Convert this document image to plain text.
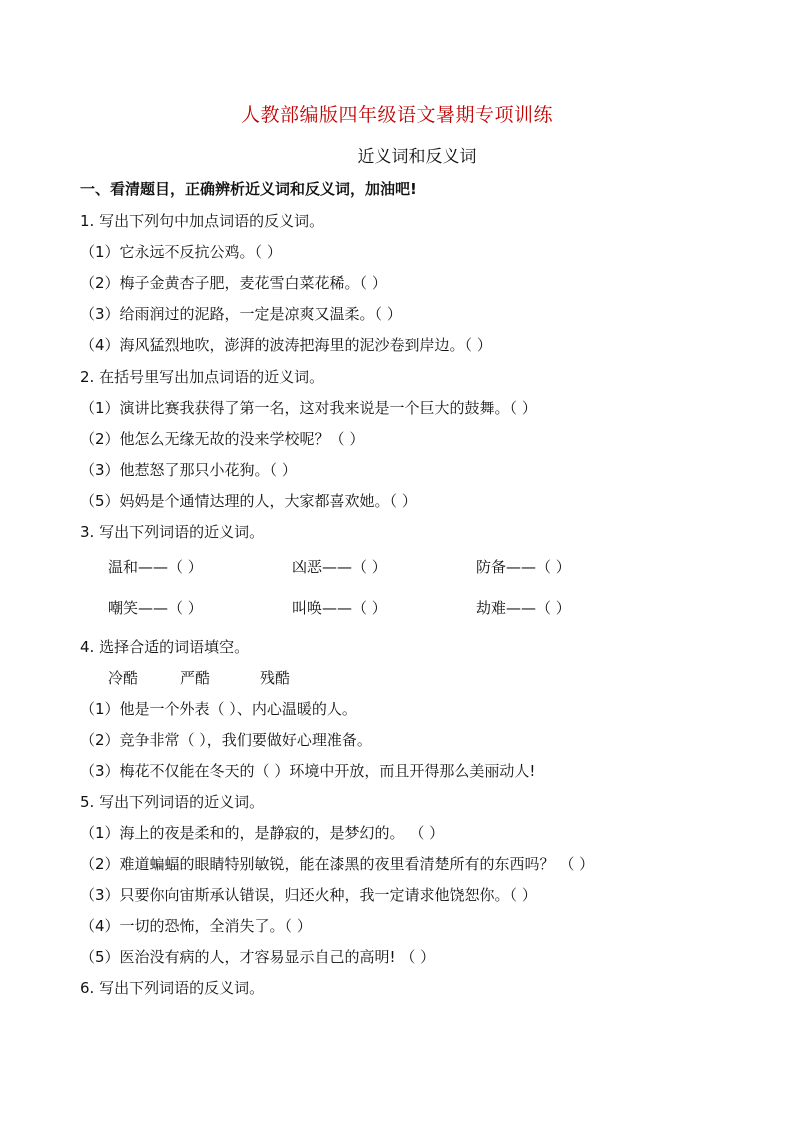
人教部编版四年级语文暑期专项训练
近义词和反义词
一、看清题目，正确辨析近义词和反义词，加油吧!
1. 写出下列句中加点词语的反义词。
（1）它永远不反抗公鸡。（ ）
（2）梅子金黄杏子肥，麦花雪白菜花稀。（ ）
（3）给雨润过的泥路，一定是凉爽又温柔。（ ）
（4）海风猛烈地吹，澎湃的波涛把海里的泥沙卷到岸边。（ ）
2. 在括号里写出加点词语的近义词。
（1）演讲比赛我获得了第一名，这对我来说是一个巨大的鼓舞。（ ）
（2）他怎么无缘无故的没来学校呢？（ ）
（3）他惹怒了那只小花狗。（ ）
（5）妈妈是个通情达理的人，大家都喜欢她。（ ）
3. 写出下列词语的近义词。
温和——（ ）	凶恶——（ ）	防备——（ ）
嘲笑——（ ）	叫唤——（ ）	劫难——（ ）
4. 选择合适的词语填空。
冷酷	严酷	残酷
（1）他是一个外表（ ）、内心温暖的人。
（2）竞争非常（ ），我们要做好心理准备。
（3）梅花不仅能在冬天的（ ）环境中开放，而且开得那么美丽动人!
5. 写出下列词语的近义词。
（1）海上的夜是柔和的，是静寂的，是梦幻的。 （ ）
（2）难道蝙蝠的眼睛特别敏锐，能在漆黑的夜里看清楚所有的东西吗？ （ ）
（3）只要你向宙斯承认错误，归还火种，我一定请求他饶恕你。（ ）
（4）一切的恐怖，全消失了。（ ）
（5）医治没有病的人，才容易显示自己的高明! （ ）
6. 写出下列词语的反义词。
